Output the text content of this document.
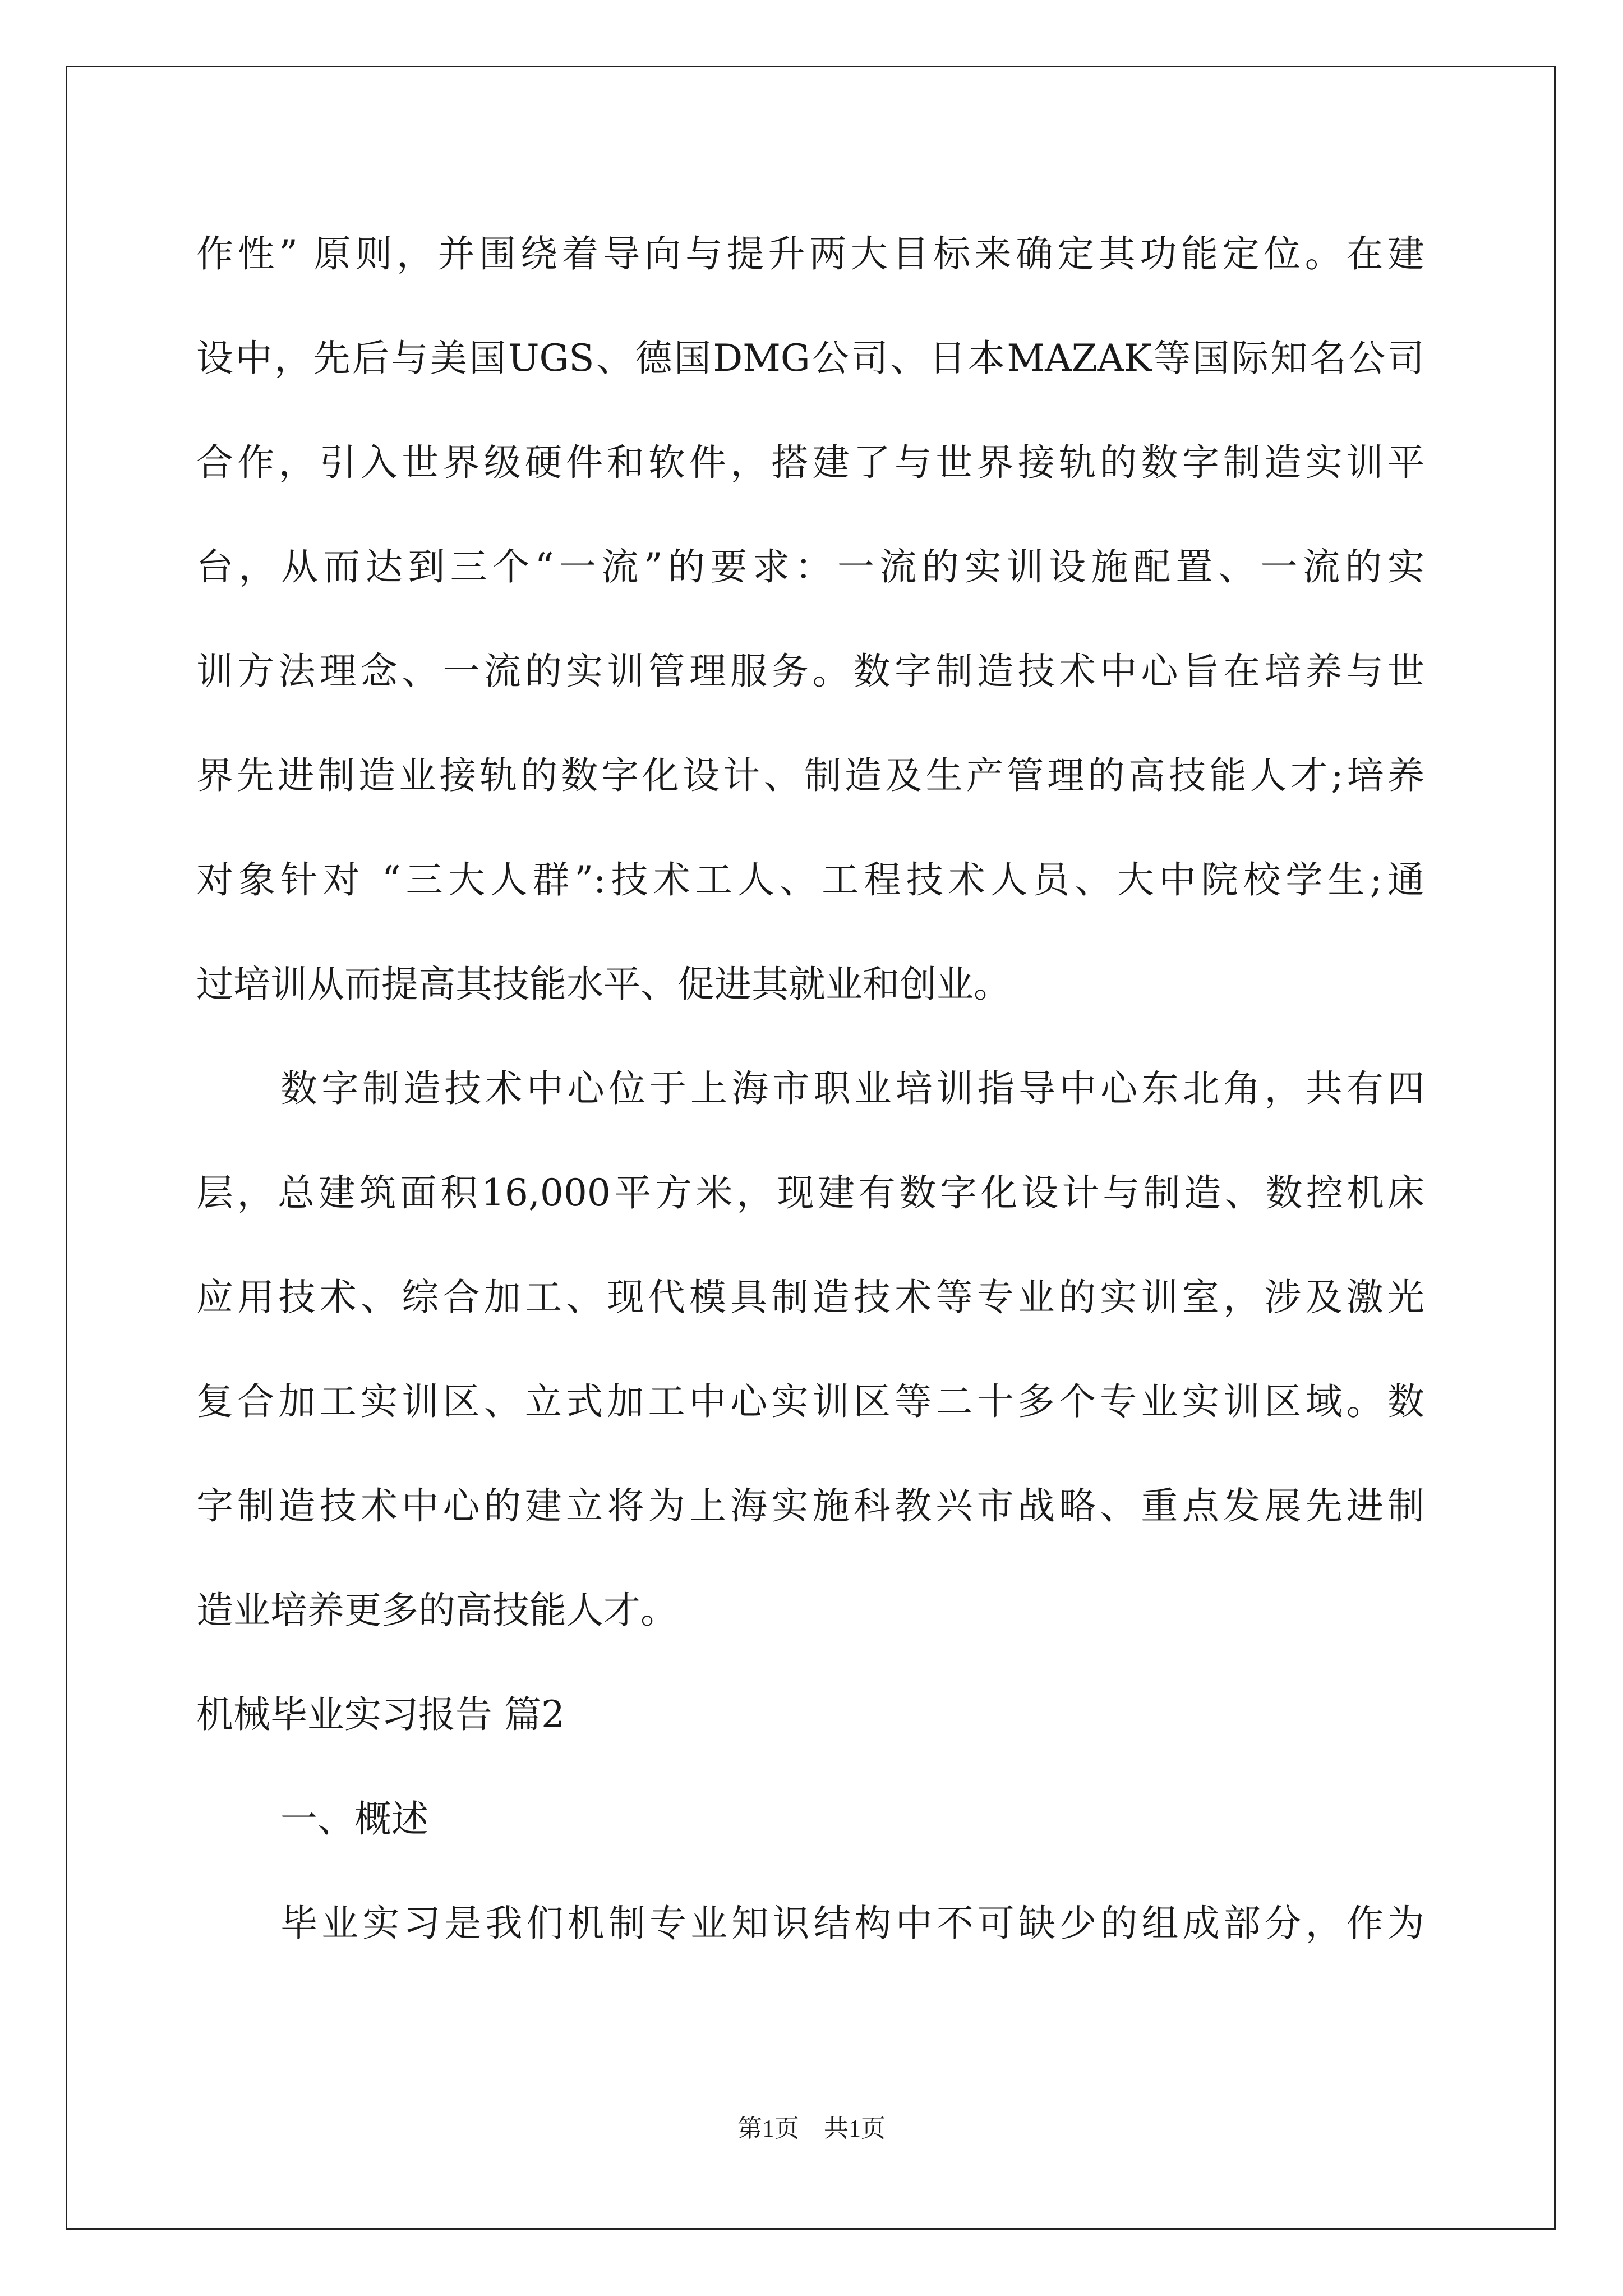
作性” 原则，并围绕着导向与提升两大目标来确定其功能定位。在建
设中，先后与美国UGS、德国DMG公司、日本MAZAK等国际知名公司
合作，引入世界级硬件和软件，搭建了与世界接轨的数字制造实训平
台，从而达到三个“一流”的要求：一流的实训设施配置、一流的实
训方法理念、一流的实训管理服务。数字制造技术中心旨在培养与世
界先进制造业接轨的数字化设计、制造及生产管理的高技能人才;培养
对象针对 “三大人群”:技术工人、工程技术人员、大中院校学生;通
过培训从而提高其技能水平、促进其就业和创业。
数字制造技术中心位于上海市职业培训指导中心东北角，共有四
层，总建筑面积16,000平方米，现建有数字化设计与制造、数控机床
应用技术、综合加工、现代模具制造技术等专业的实训室，涉及激光
复合加工实训区、立式加工中心实训区等二十多个专业实训区域。数
字制造技术中心的建立将为上海实施科教兴市战略、重点发展先进制
造业培养更多的高技能人才。
机械毕业实习报告 篇2
一、概述
毕业实习是我们机制专业知识结构中不可缺少的组成部分，作为
第1页　共1页
